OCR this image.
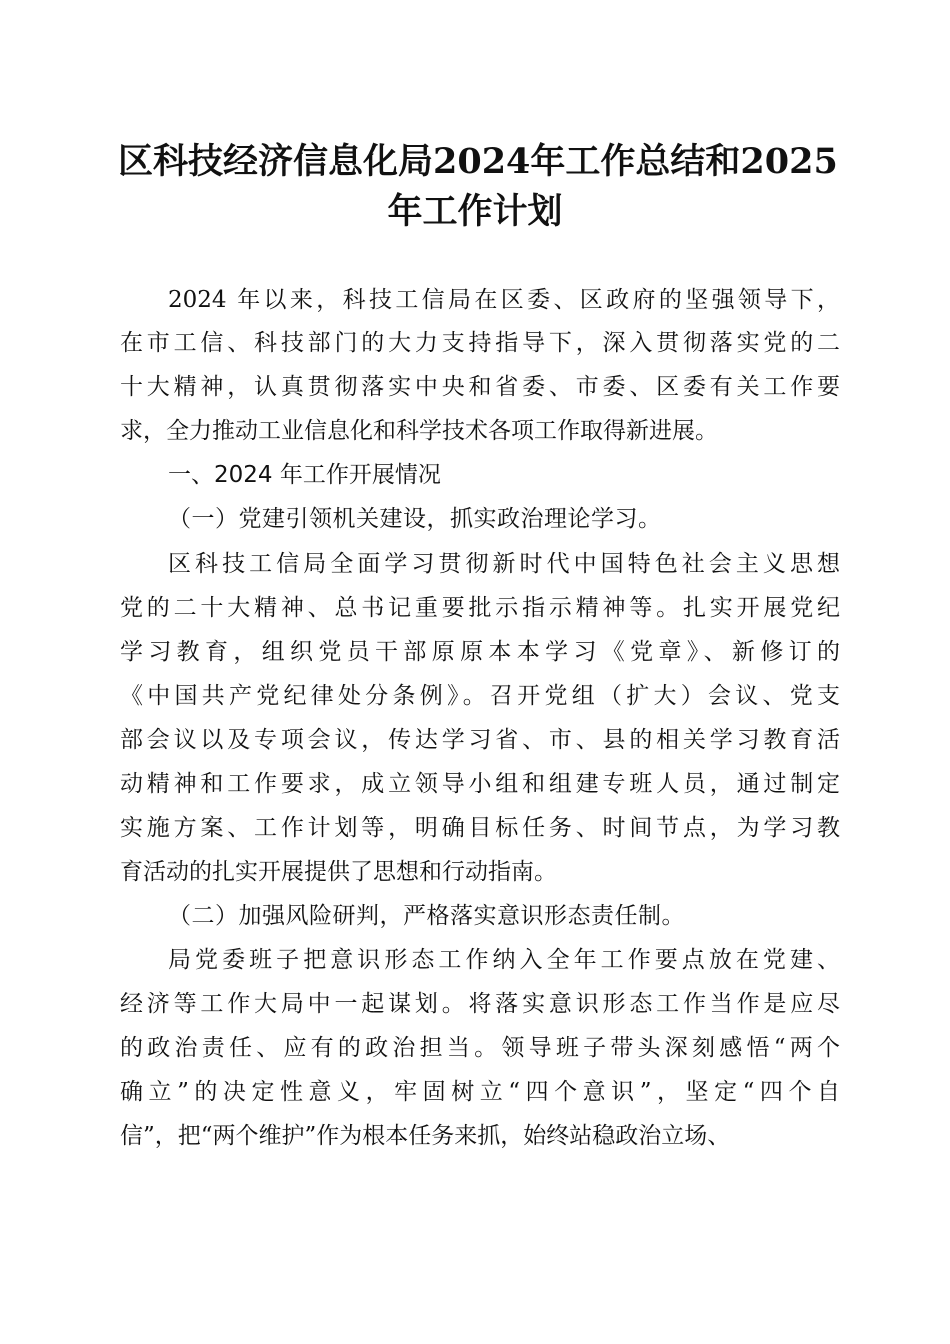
区科技经济信息化局2024年工作总结和2025
年工作计划
2024 年以来，科技工信局在区委、区政府的坚强领导下，
在市工信、科技部门的大力支持指导下，深入贯彻落实党的二
十大精神，认真贯彻落实中央和省委、市委、区委有关工作要
求，全力推动工业信息化和科学技术各项工作取得新进展。
一、2024 年工作开展情况
（一）党建引领机关建设，抓实政治理论学习。
区科技工信局全面学习贯彻新时代中国特色社会主义思想
党的二十大精神、总书记重要批示指示精神等。扎实开展党纪
学习教育，组织党员干部原原本本学习《党章》、新修订的
《中国共产党纪律处分条例》。召开党组（扩大）会议、党支
部会议以及专项会议，传达学习省、市、县的相关学习教育活
动精神和工作要求，成立领导小组和组建专班人员，通过制定
实施方案、工作计划等，明确目标任务、时间节点，为学习教
育活动的扎实开展提供了思想和行动指南。
（二）加强风险研判，严格落实意识形态责任制。
局党委班子把意识形态工作纳入全年工作要点放在党建、
经济等工作大局中一起谋划。将落实意识形态工作当作是应尽
的政治责任、应有的政治担当。领导班子带头深刻感悟“两个
确立”的决定性意义，牢固树立“四个意识”，坚定“四个自
信”，把“两个维护”作为根本任务来抓，始终站稳政治立场、
